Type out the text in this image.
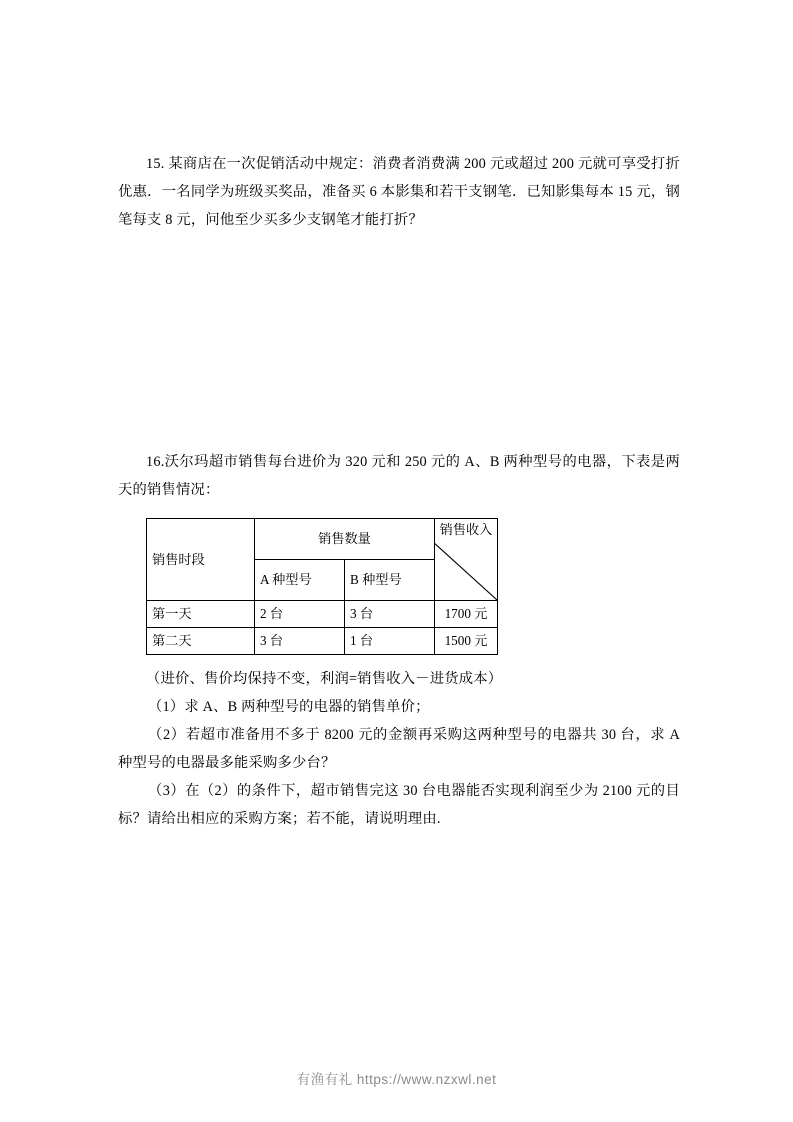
15. 某商店在一次促销活动中规定：消费者消费满 200 元或超过 200 元就可享受打折优惠．一名同学为班级买奖品，准备买 6 本影集和若干支钢笔．已知影集每本 15 元，钢笔每支 8 元，问他至少买多少支钢笔才能打折？

16.沃尔玛超市销售每台进价为 320 元和 250 元的 A、B 两种型号的电器，下表是两天的销售情况：

销售时段	销售数量		销售收入

	A 种型号	B 种型号	
第一天	2 台	3 台	1700 元
第二天	3 台	1 台	1500 元

（进价、售价均保持不变，利润=销售收入－进货成本）

（1）求 A、B 两种型号的电器的销售单价；

（2）若超市准备用不多于 8200 元的金额再采购这两种型号的电器共 30 台，求 A 种型号的电器最多能采购多少台？

（3）在（2）的条件下，超市销售完这 30 台电器能否实现利润至少为 2100 元的目标？请给出相应的采购方案；若不能，请说明理由.

有渔有礼 https://www.nzxwl.net
